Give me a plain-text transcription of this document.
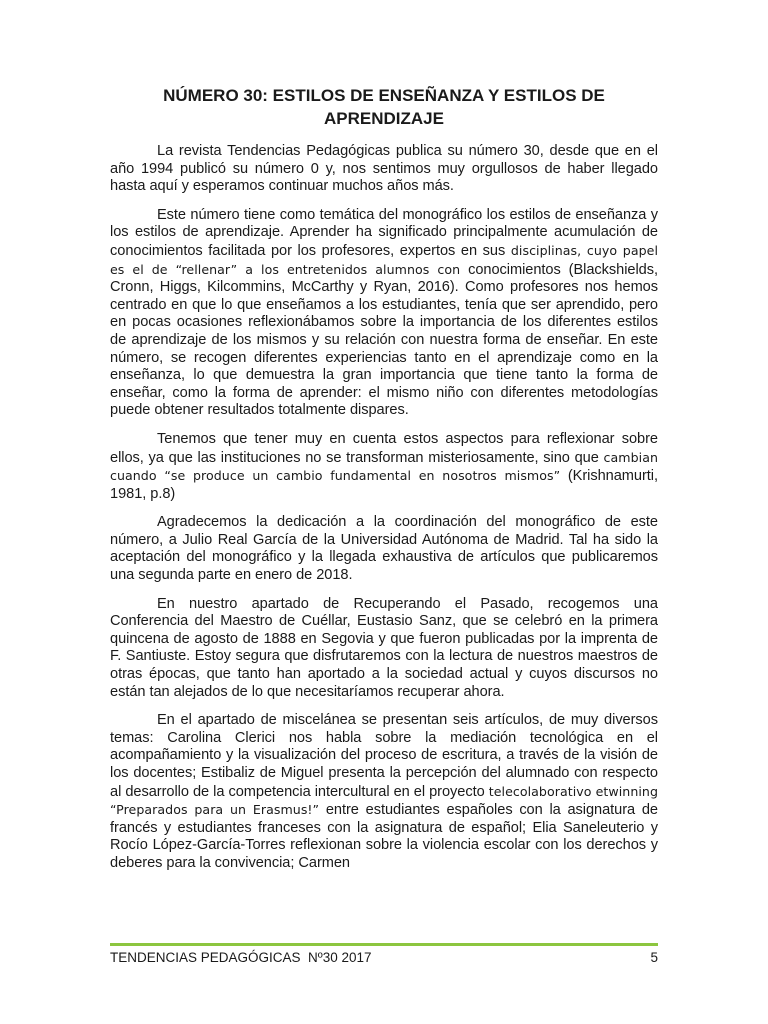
NÚMERO 30: ESTILOS DE ENSEÑANZA Y ESTILOS DE APRENDIZAJE

La revista Tendencias Pedagógicas publica su número 30, desde que en el año 1994 publicó su número 0 y, nos sentimos muy orgullosos de haber llegado hasta aquí y esperamos continuar muchos años más.

Este número tiene como temática del monográfico los estilos de enseñanza y los estilos de aprendizaje. Aprender ha significado principalmente acumulación de conocimientos facilitada por los profesores, expertos en sus disciplinas, cuyo papel es el de “rellenar” a los entretenidos alumnos con conocimientos (Blackshields, Cronn, Higgs, Kilcommins, McCarthy y Ryan, 2016). Como profesores nos hemos centrado en que lo que enseñamos a los estudiantes, tenía que ser aprendido, pero en pocas ocasiones reflexionábamos sobre la importancia de los diferentes estilos de aprendizaje de los mismos y su relación con nuestra forma de enseñar. En este número, se recogen diferentes experiencias tanto en el aprendizaje como en la enseñanza, lo que demuestra la gran importancia que tiene tanto la forma de enseñar, como la forma de aprender: el mismo niño con diferentes metodologías puede obtener resultados totalmente dispares.

Tenemos que tener muy en cuenta estos aspectos para reflexionar sobre ellos, ya que las instituciones no se transforman misteriosamente, sino que cambian cuando “se produce un cambio fundamental en nosotros mismos” (Krishnamurti, 1981, p.8)

Agradecemos la dedicación a la coordinación del monográfico de este número, a Julio Real García de la Universidad Autónoma de Madrid. Tal ha sido la aceptación del monográfico y la llegada exhaustiva de artículos que publicaremos una segunda parte en enero de 2018.

En nuestro apartado de Recuperando el Pasado, recogemos una Conferencia del Maestro de Cuéllar, Eustasio Sanz, que se celebró en la primera quincena de agosto de 1888 en Segovia y que fueron publicadas por la imprenta de F. Santiuste. Estoy segura que disfrutaremos con la lectura de nuestros maestros de otras épocas, que tanto han aportado a la sociedad actual y cuyos discursos no están tan alejados de lo que necesitaríamos recuperar ahora.

En el apartado de miscelánea se presentan seis artículos, de muy diversos temas: Carolina Clerici nos habla sobre la mediación tecnológica en el acompañamiento y la visualización del proceso de escritura, a través de la visión de los docentes; Estibaliz de Miguel presenta la percepción del alumnado con respecto al desarrollo de la competencia intercultural en el proyecto telecolaborativo etwinning “Preparados para un Erasmus!” entre estudiantes españoles con la asignatura de francés y estudiantes franceses con la asignatura de español; Elia Saneleuterio y Rocío López-García-Torres reflexionan sobre la violencia escolar con los derechos y deberes para la convivencia; Carmen

TENDENCIAS PEDAGÓGICAS  Nº30 2017	5
